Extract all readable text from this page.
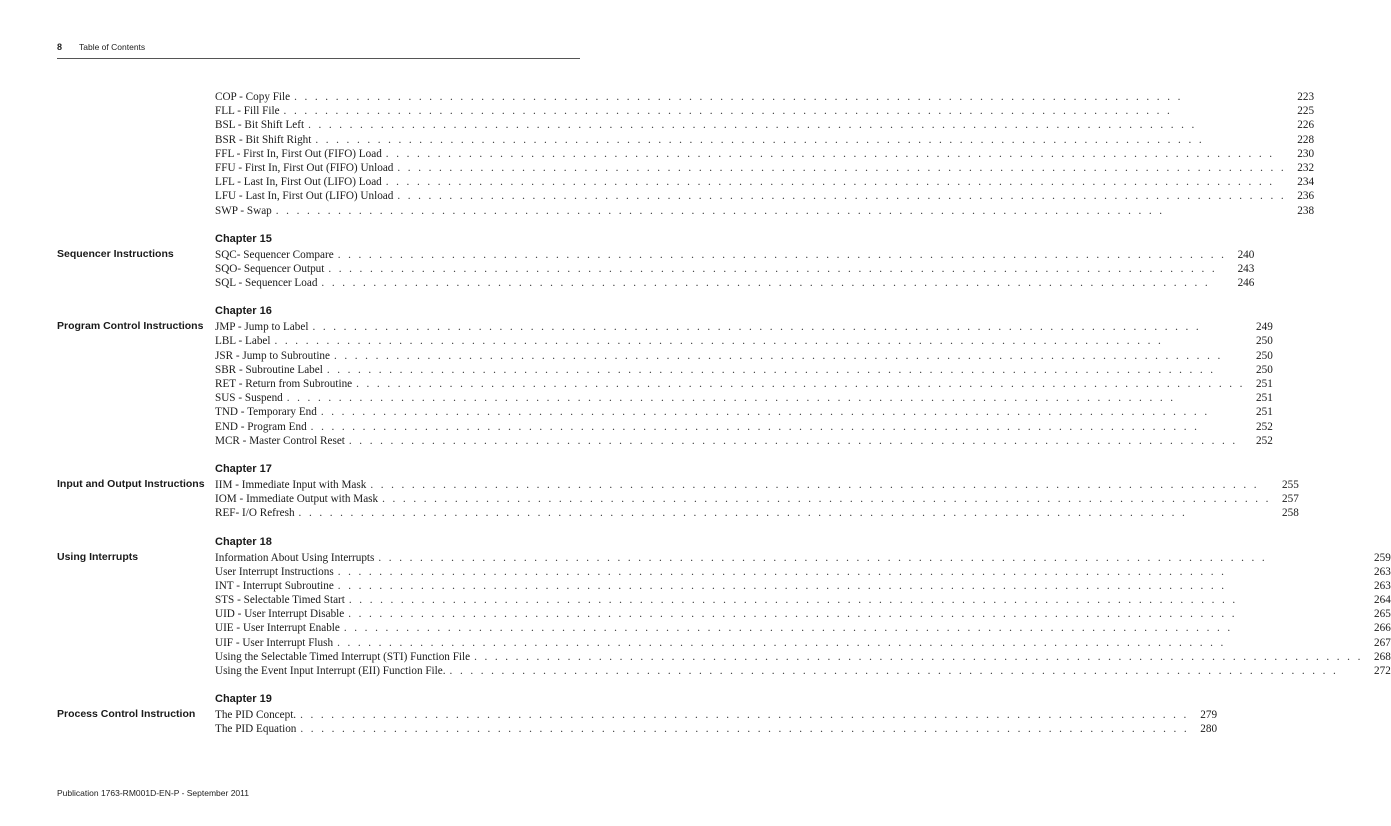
8	Table of Contents
COP - Copy File . . .	223
FLL - Fill File . . .	225
BSL - Bit Shift Left . . .	226
BSR - Bit Shift Right . . .	228
FFL - First In, First Out (FIFO) Load . . .	230
FFU - First In, First Out (FIFO) Unload . . .	232
LFL - Last In, First Out (LIFO) Load . . .	234
LFU - Last In, First Out (LIFO) Unload . . .	236
SWP - Swap . . .	238
Sequencer Instructions
Chapter 15
SQC- Sequencer Compare . . .	240
SQO- Sequencer Output . . .	243
SQL - Sequencer Load . . .	246
Program Control Instructions
Chapter 16
JMP - Jump to Label . . .	249
LBL - Label . . .	250
JSR - Jump to Subroutine . . .	250
SBR - Subroutine Label . . .	250
RET - Return from Subroutine . . .	251
SUS - Suspend . . .	251
TND - Temporary End . . .	251
END - Program End . . .	252
MCR - Master Control Reset . . .	252
Input and Output Instructions
Chapter 17
IIM - Immediate Input with Mask . . .	255
IOM - Immediate Output with Mask . . .	257
REF- I/O Refresh . . .	258
Using Interrupts
Chapter 18
Information About Using Interrupts . . .	259
User Interrupt Instructions . . .	263
INT - Interrupt Subroutine . . .	263
STS - Selectable Timed Start . . .	264
UID - User Interrupt Disable . . .	265
UIE - User Interrupt Enable . . .	266
UIF - User Interrupt Flush . . .	267
Using the Selectable Timed Interrupt (STI) Function File . . .	268
Using the Event Input Interrupt (EII) Function File. . . .	272
Process Control Instruction
Chapter 19
The PID Concept. . . .	279
The PID Equation . . .	280
Publication 1763-RM001D-EN-P - September 2011
